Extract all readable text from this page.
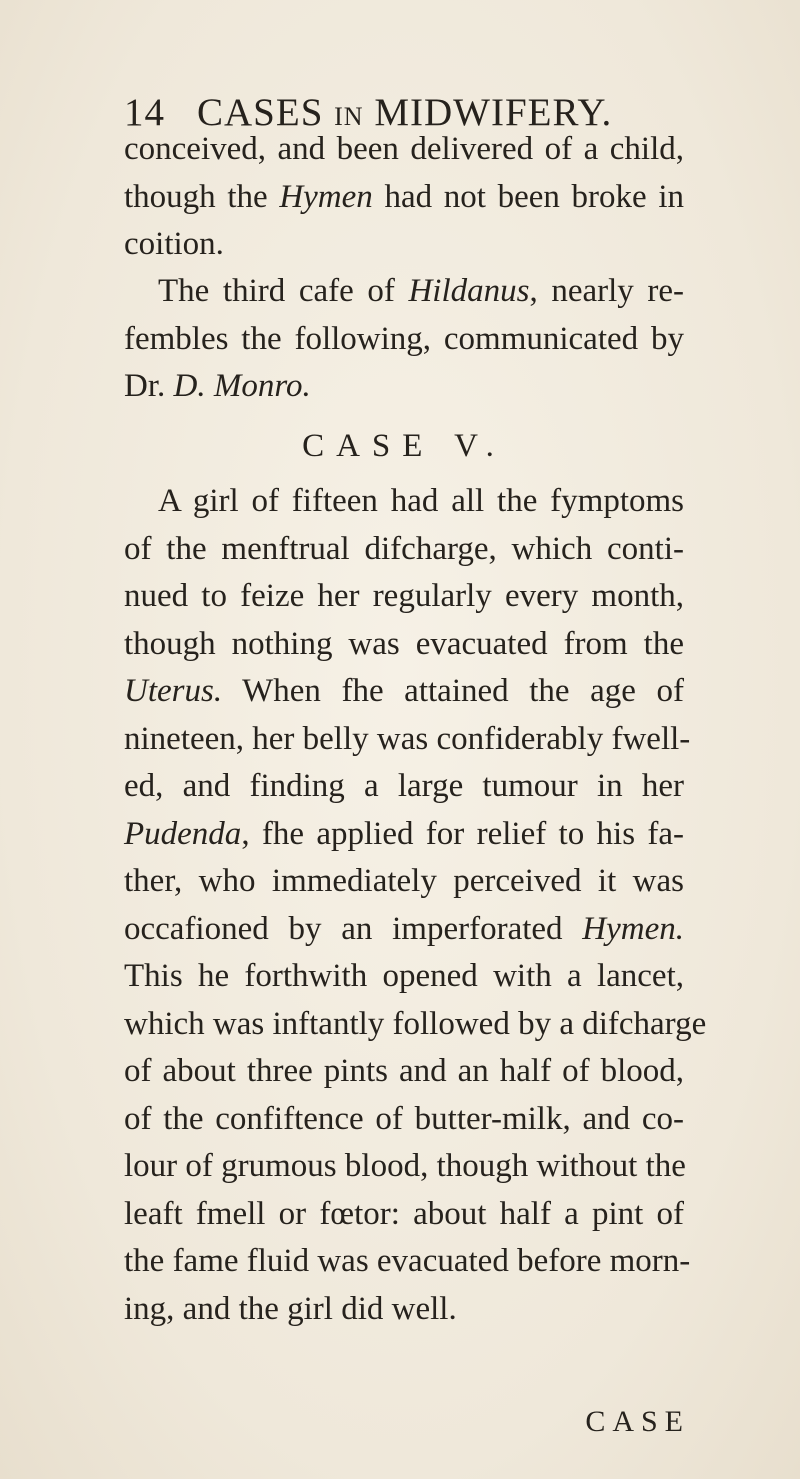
14 CASES IN MIDWIFERY.
conceived, and been delivered of a child,
though the Hymen had not been broke in
coition.
The third cafe of Hildanus, nearly re-
fembles the following, communicated by
Dr. D. Monro.
CASE V.
A girl of fifteen had all the fymptoms
of the menftrual difcharge, which conti-
nued to feize her regularly every month,
though nothing was evacuated from the
Uterus. When fhe attained the age of
nineteen, her belly was confiderably fwell-
ed, and finding a large tumour in her
Pudenda, fhe applied for relief to his fa-
ther, who immediately perceived it was
occafioned by an imperforated Hymen.
This he forthwith opened with a lancet,
which was inftantly followed by a difcharge
of about three pints and an half of blood,
of the confiftence of butter-milk, and co-
lour of grumous blood, though without the
leaft fmell or fœtor: about half a pint of
the fame fluid was evacuated before morn-
ing, and the girl did well.
CASE
